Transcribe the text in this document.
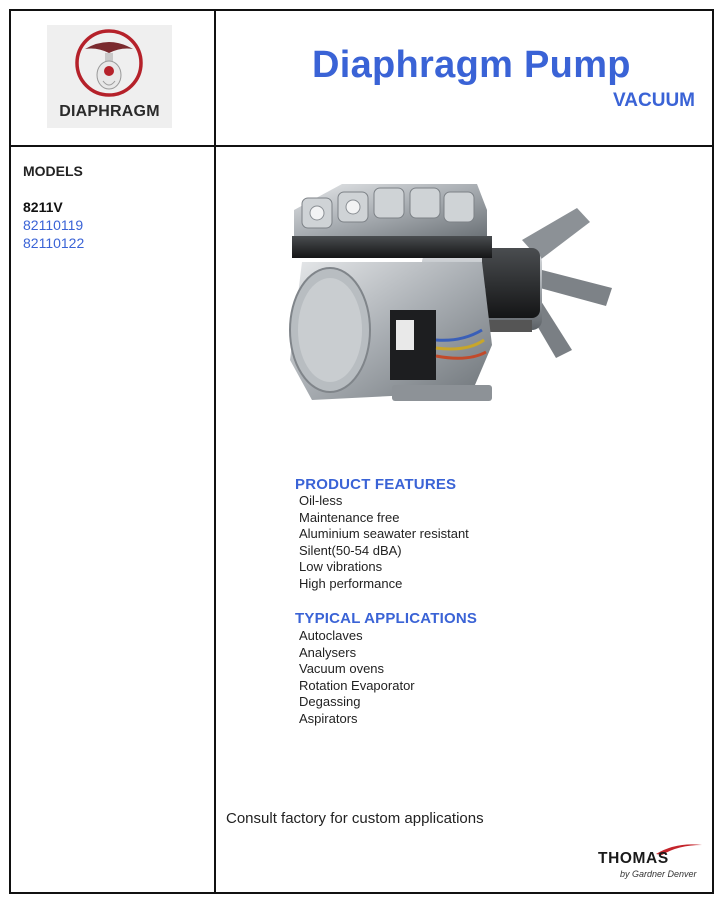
DIAPHRAGM
Diaphragm Pump
VACUUM
MODELS
8211V
82110119
82110122
PRODUCT FEATURES
Oil-less
Maintenance free
Aluminium seawater resistant
Silent(50-54 dBA)
Low vibrations
High performance
TYPICAL APPLICATIONS
Autoclaves
Analysers
Vacuum ovens
Rotation Evaporator
Degassing
Aspirators
Consult factory for custom applications
THOMAS
by Gardner Denver
